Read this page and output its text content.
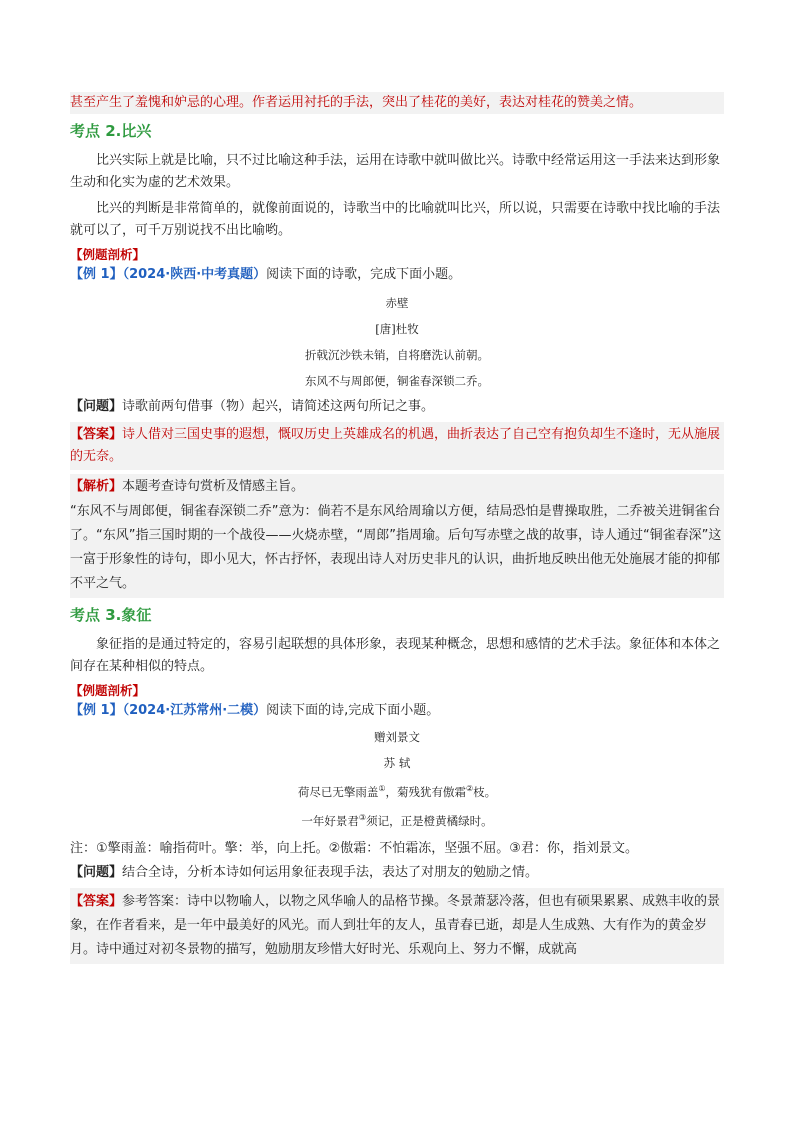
甚至产生了羞愧和妒忌的心理。作者运用衬托的手法，突出了桂花的美好，表达对桂花的赞美之情。
考点 2.比兴

比兴实际上就是比喻，只不过比喻这种手法，运用在诗歌中就叫做比兴。诗歌中经常运用这一手法来达到形象生动和化实为虚的艺术效果。

比兴的判断是非常简单的，就像前面说的，诗歌当中的比喻就叫比兴，所以说，只需要在诗歌中找比喻的手法就可以了，可千万别说找不出比喻哟。

【例题剖析】
【例 1】（2024·陕西·中考真题）阅读下面的诗歌，完成下面小题。
赤壁
[唐]杜牧
折戟沉沙铁未销，自将磨洗认前朝。
东风不与周郎便，铜雀春深锁二乔。
【问题】诗歌前两句借事（物）起兴，请简述这两句所记之事。
【答案】诗人借对三国史事的遐想，慨叹历史上英雄成名的机遇，曲折表达了自己空有抱负却生不逢时，无从施展的无奈。
【解析】本题考查诗句赏析及情感主旨。
“东风不与周郎便，铜雀春深锁二乔”意为：倘若不是东风给周瑜以方便，结局恐怕是曹操取胜，二乔被关进铜雀台了。“东风”指三国时期的一个战役——火烧赤壁，“周郎”指周瑜。后句写赤壁之战的故事，诗人通过“铜雀春深”这一富于形象性的诗句，即小见大，怀古抒怀，表现出诗人对历史非凡的认识，曲折地反映出他无处施展才能的抑郁不平之气。
考点 3.象征

象征指的是通过特定的，容易引起联想的具体形象，表现某种概念，思想和感情的艺术手法。象征体和本体之间存在某种相似的特点。

【例题剖析】
【例 1】（2024·江苏常州·二模）阅读下面的诗,完成下面小题。
赠刘景文
苏 轼
荷尽已无擎雨盖①，菊残犹有傲霜②枝。
一年好景君③须记，正是橙黄橘绿时。
注：①擎雨盖：喻指荷叶。擎：举，向上托。②傲霜：不怕霜冻，坚强不屈。③君：你，指刘景文。
【问题】结合全诗，分析本诗如何运用象征表现手法，表达了对朋友的勉励之情。
【答案】参考答案：诗中以物喻人，以物之风华喻人的品格节操。冬景萧瑟冷落，但也有硕果累累、成熟丰收的景象，在作者看来，是一年中最美好的风光。而人到壮年的友人，虽青春已逝，却是人生成熟、大有作为的黄金岁月。诗中通过对初冬景物的描写，勉励朋友珍惜大好时光、乐观向上、努力不懈，成就高
